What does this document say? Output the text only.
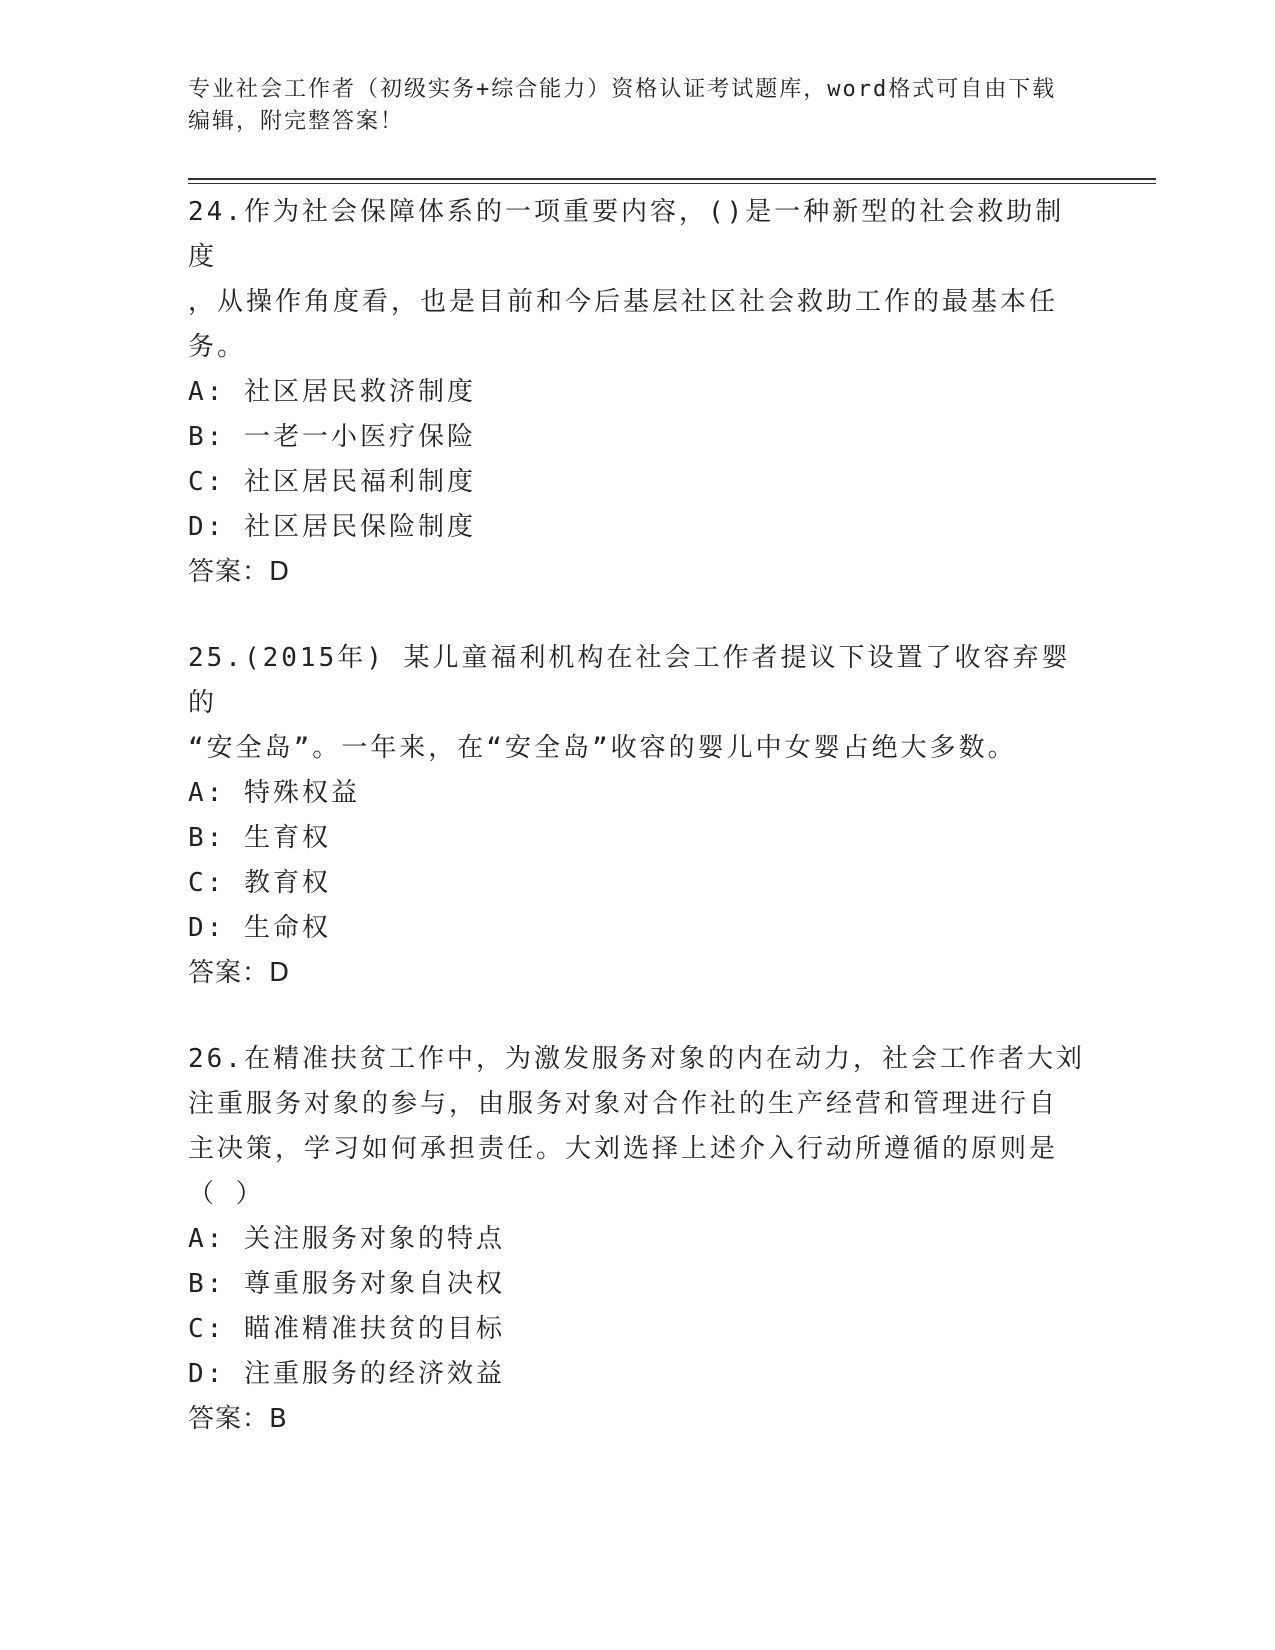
专业社会工作者（初级实务+综合能力）资格认证考试题库，word格式可自由下载
编辑，附完整答案！

24.作为社会保障体系的一项重要内容，()是一种新型的社会救助制度

，从操作角度看，也是目前和今后基层社区社会救助工作的最基本任

务。

A: 社区居民救济制度

B: 一老一小医疗保险

C: 社区居民福利制度

D: 社区居民保险制度

答案：D

25.(2015年) 某儿童福利机构在社会工作者提议下设置了收容弃婴的

“安全岛”。一年来，在“安全岛”收容的婴儿中女婴占绝大多数。

A: 特殊权益

B: 生育权

C: 教育权

D: 生命权

答案：D

26.在精准扶贫工作中，为激发服务对象的内在动力，社会工作者大刘

注重服务对象的参与，由服务对象对合作社的生产经营和管理进行自

主决策，学习如何承担责任。大刘选择上述介入行动所遵循的原则是

（ ）

A: 关注服务对象的特点

B: 尊重服务对象自决权

C: 瞄准精准扶贫的目标

D: 注重服务的经济效益

答案：B
